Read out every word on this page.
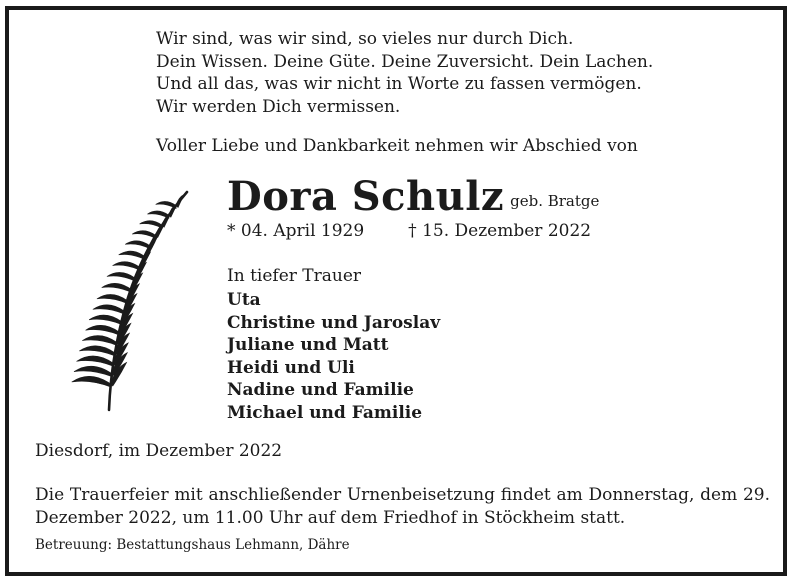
Wir sind, was wir sind, so vieles nur durch Dich.
Dein Wissen. Deine Güte. Deine Zuversicht. Dein Lachen.
Und all das, was wir nicht in Worte zu fassen vermögen.
Wir werden Dich vermissen.
Voller Liebe und Dankbarkeit nehmen wir Abschied von
Dora Schulz geb. Bratge
* 04. April 1929	† 15. Dezember 2022
In tiefer Trauer
Uta
Christine und Jaroslav
Juliane und Matt
Heidi und Uli
Nadine und Familie
Michael und Familie
Diesdorf, im Dezember 2022
Die Trauerfeier mit anschließender Urnenbeisetzung findet am Donnerstag, dem 29. Dezember 2022, um 11.00 Uhr auf dem Friedhof in Stöckheim statt.
Betreuung: Bestattungshaus Lehmann, Dähre
